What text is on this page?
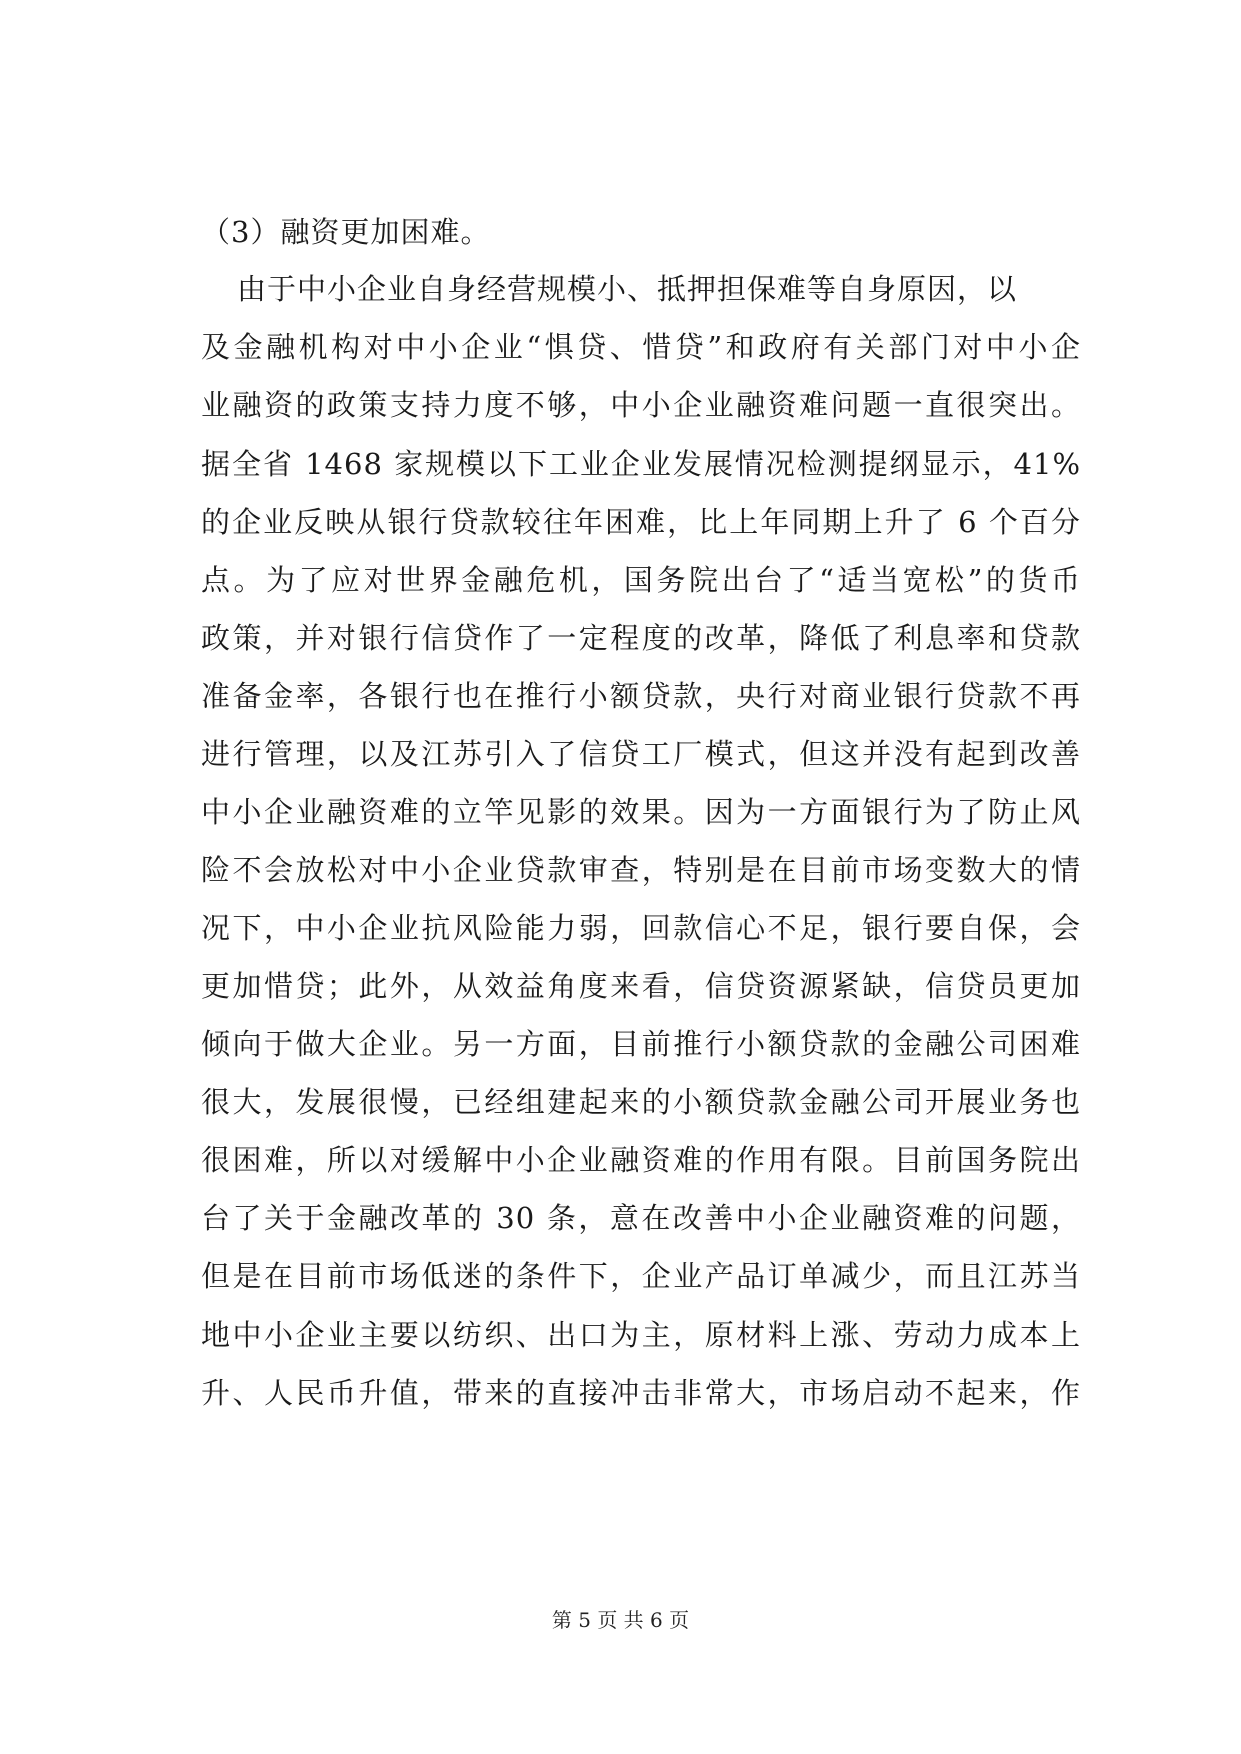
（3）融资更加困难。
由于中小企业自身经营规模小、抵押担保难等自身原因，以
及金融机构对中小企业“惧贷、惜贷”和政府有关部门对中小企
业融资的政策支持力度不够，中小企业融资难问题一直很突出。
据全省 1468 家规模以下工业企业发展情况检测提纲显示，41%
的企业反映从银行贷款较往年困难，比上年同期上升了 6 个百分
点。为了应对世界金融危机，国务院出台了“适当宽松”的货币
政策，并对银行信贷作了一定程度的改革，降低了利息率和贷款
准备金率，各银行也在推行小额贷款，央行对商业银行贷款不再
进行管理，以及江苏引入了信贷工厂模式，但这并没有起到改善
中小企业融资难的立竿见影的效果。因为一方面银行为了防止风
险不会放松对中小企业贷款审查，特别是在目前市场变数大的情
况下，中小企业抗风险能力弱，回款信心不足，银行要自保，会
更加惜贷；此外，从效益角度来看，信贷资源紧缺，信贷员更加
倾向于做大企业。另一方面，目前推行小额贷款的金融公司困难
很大，发展很慢，已经组建起来的小额贷款金融公司开展业务也
很困难，所以对缓解中小企业融资难的作用有限。目前国务院出
台了关于金融改革的 30 条，意在改善中小企业融资难的问题，
但是在目前市场低迷的条件下，企业产品订单减少，而且江苏当
地中小企业主要以纺织、出口为主，原材料上涨、劳动力成本上
升、人民币升值，带来的直接冲击非常大，市场启动不起来，作
第 5 页 共 6 页
